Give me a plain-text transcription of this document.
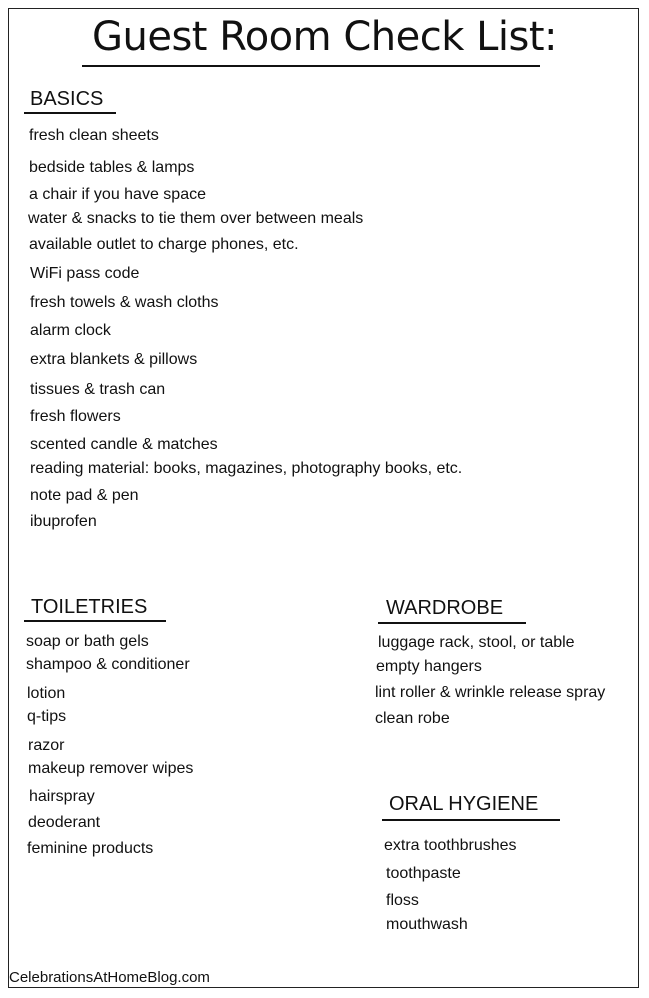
Guest Room Check List:
BASICS
fresh clean sheets
bedside tables & lamps
a chair if you have space
water & snacks to tie them over between meals
available outlet to charge phones, etc.
WiFi pass code
fresh towels & wash cloths
alarm clock
extra blankets & pillows
tissues & trash can
fresh flowers
scented candle & matches
reading material: books, magazines, photography books, etc.
note pad & pen
ibuprofen
TOILETRIES
soap or bath gels
shampoo & conditioner
lotion
q-tips
razor
makeup remover wipes
hairspray
deoderant
feminine products
WARDROBE
luggage rack, stool, or table
empty hangers
lint roller & wrinkle release spray
clean robe
ORAL HYGIENE
extra toothbrushes
toothpaste
floss
mouthwash
CelebrationsAtHomeBlog.com
